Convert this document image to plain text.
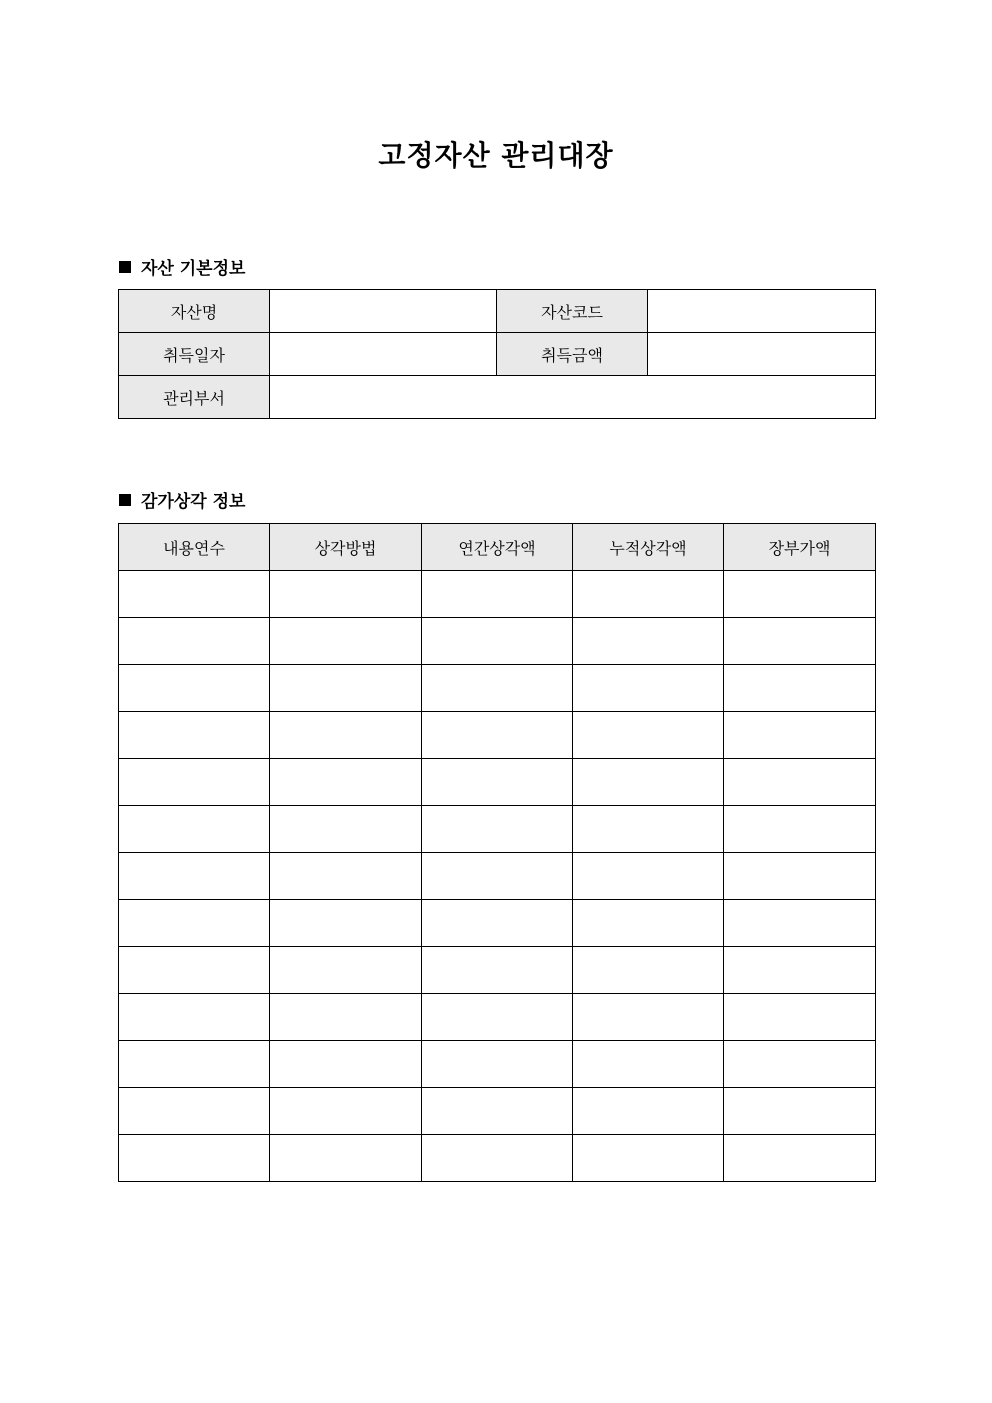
고정자산 관리대장
자산 기본정보
자산명		자산코드	
취득일자		취득금액	
관리부서			
감가상각 정보
내용연수	상각방법	연간상각액	누적상각액	장부가액
